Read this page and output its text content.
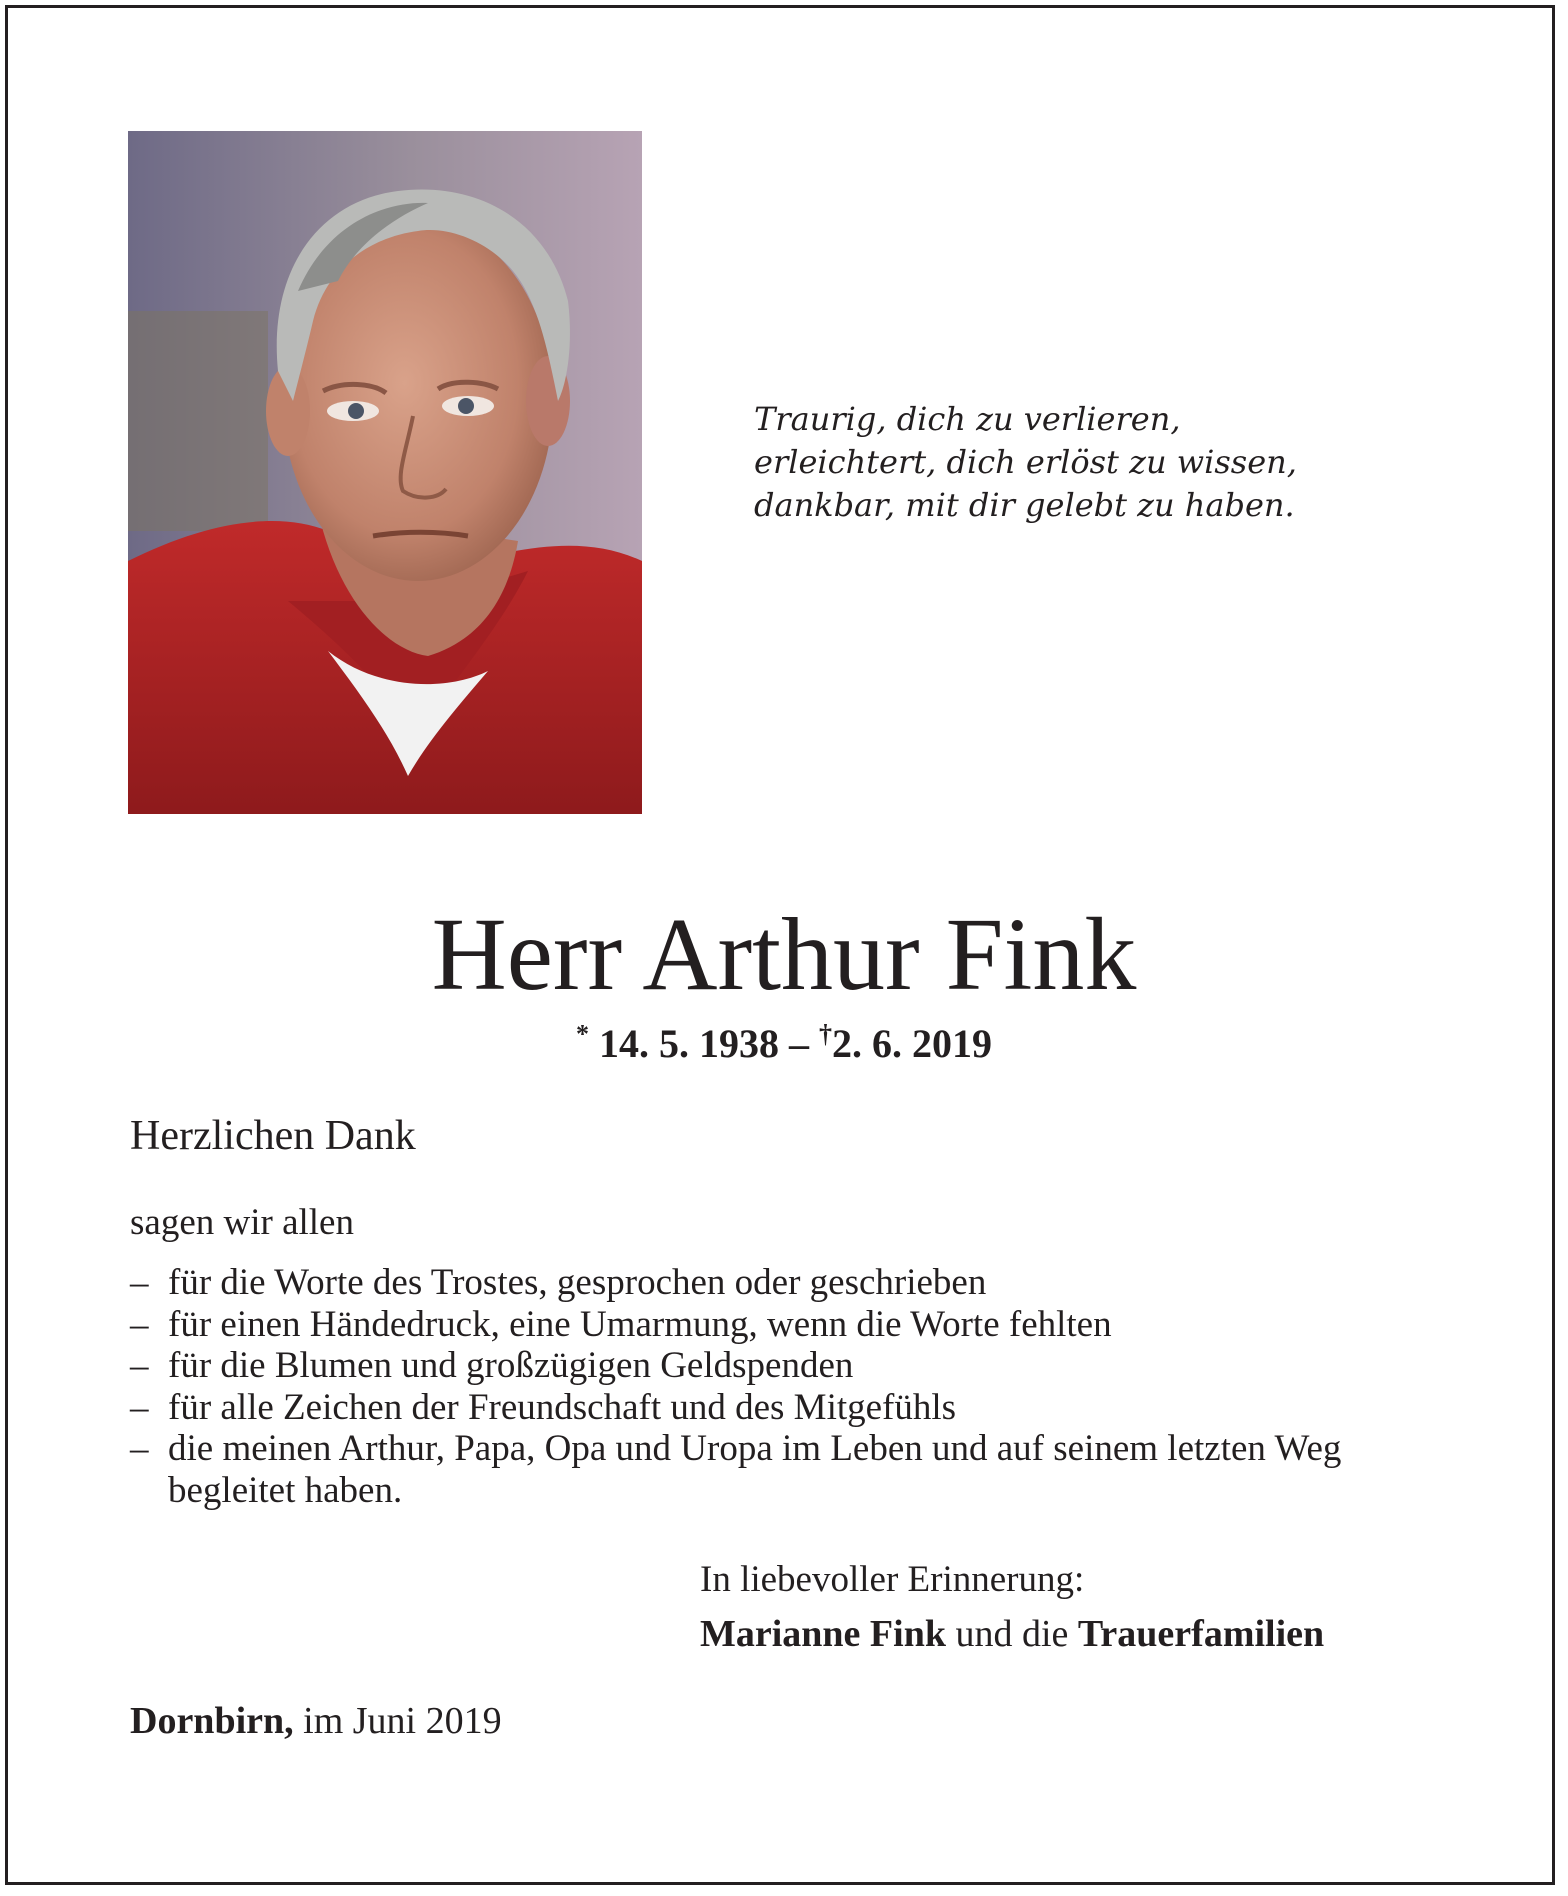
Traurig, dich zu verlieren,
erleichtert, dich erlöst zu wissen,
dankbar, mit dir gelebt zu haben.
Herr Arthur Fink
* 14. 5. 1938 – †2. 6. 2019
Herzlichen Dank
sagen wir allen
– für die Worte des Trostes, gesprochen oder geschrieben
– für einen Händedruck, eine Umarmung, wenn die Worte fehlten
– für die Blumen und großzügigen Geldspenden
– für alle Zeichen der Freundschaft und des Mitgefühls
– die meinen Arthur, Papa, Opa und Uropa im Leben und auf seinem letzten Weg begleitet haben.
In liebevoller Erinnerung:
Marianne Fink und die Trauerfamilien
Dornbirn, im Juni 2019
